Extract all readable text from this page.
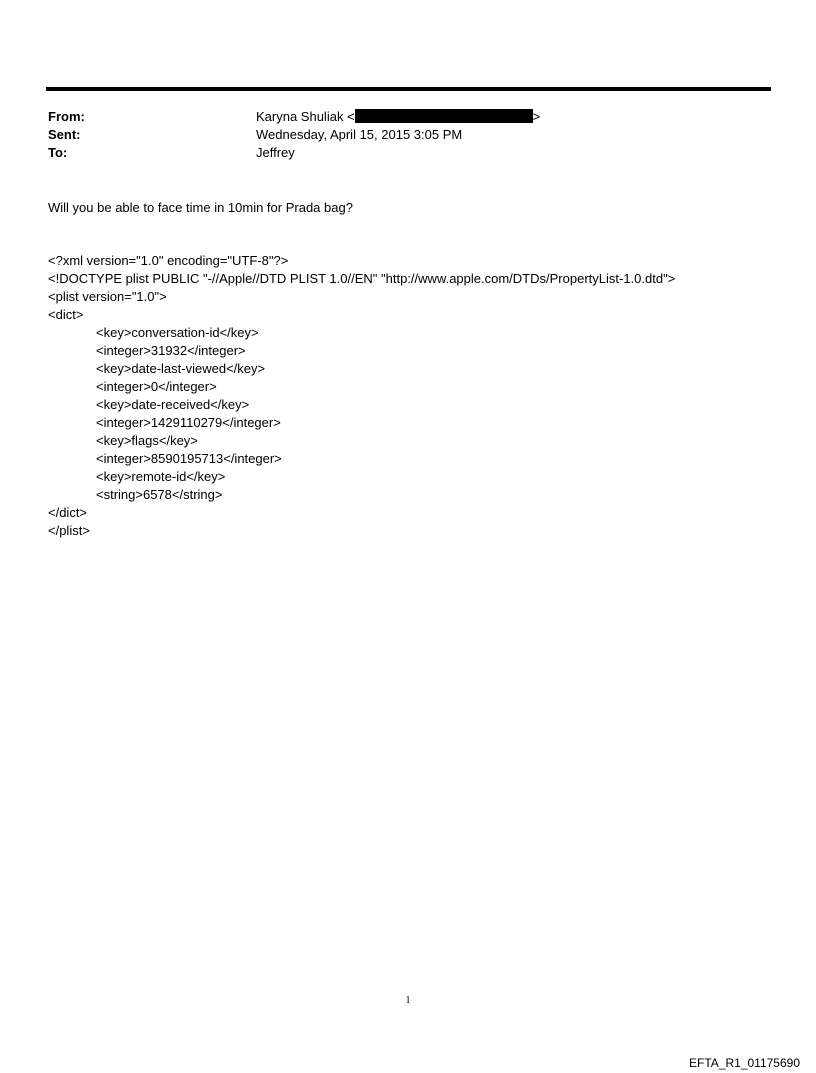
From:	Karyna Shuliak <	>
Sent:	Wednesday, April 15, 2015 3:05 PM
To:	Jeffrey
Will you be able to face time in 10min for Prada bag?
<?xml version="1.0" encoding="UTF-8"?>
<!DOCTYPE plist PUBLIC "-//Apple//DTD PLIST 1.0//EN" "http://www.apple.com/DTDs/PropertyList-1.0.dtd">
<plist version="1.0">
<dict>
<key>conversation-id</key>
<integer>31932</integer>
<key>date-last-viewed</key>
<integer>0</integer>
<key>date-received</key>
<integer>1429110279</integer>
<key>flags</key>
<integer>8590195713</integer>
<key>remote-id</key>
<string>6578</string>
</dict>
</plist>
1
EFTA_R1_01175690
